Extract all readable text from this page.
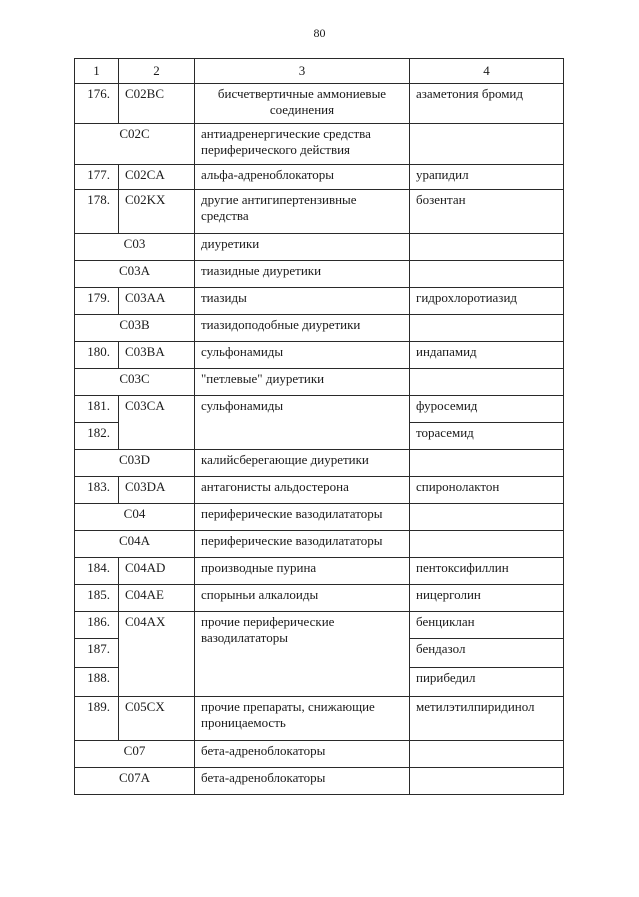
80
1	2	3	4
176.	C02BC	бисчетвертичные аммониевые соединения	азаметония бромид
C02C		антиадренергические средства периферического действия	
177.	C02CA	альфа-адреноблокаторы	урапидил
178.	C02KX	другие антигипертензивные средства	бозентан
C03		диуретики	
C03A		тиазидные диуретики	
179.	C03AA	тиазиды	гидрохлоротиазид
C03B		тиазидоподобные диуретики	
180.	C03BA	сульфонамиды	индапамид
C03C		"петлевые" диуретики	
181.	C03CA	сульфонамиды	фуросемид
182.			торасемид
C03D		калийсберегающие диуретики	
183.	C03DA	антагонисты альдостерона	спиронолактон
C04		периферические вазодилататоры	
C04A		периферические вазодилататоры	
184.	C04AD	производные пурина	пентоксифиллин
185.	C04AE	спорыньи алкалоиды	ницерголин
186.	C04AX	прочие периферические вазодилататоры	бенциклан
187.			бендазол
188.			пирибедил
189.	C05CX	прочие препараты, снижающие проницаемость	метилэтилпиридинол
C07		бета-адреноблокаторы	
C07A		бета-адреноблокаторы	
